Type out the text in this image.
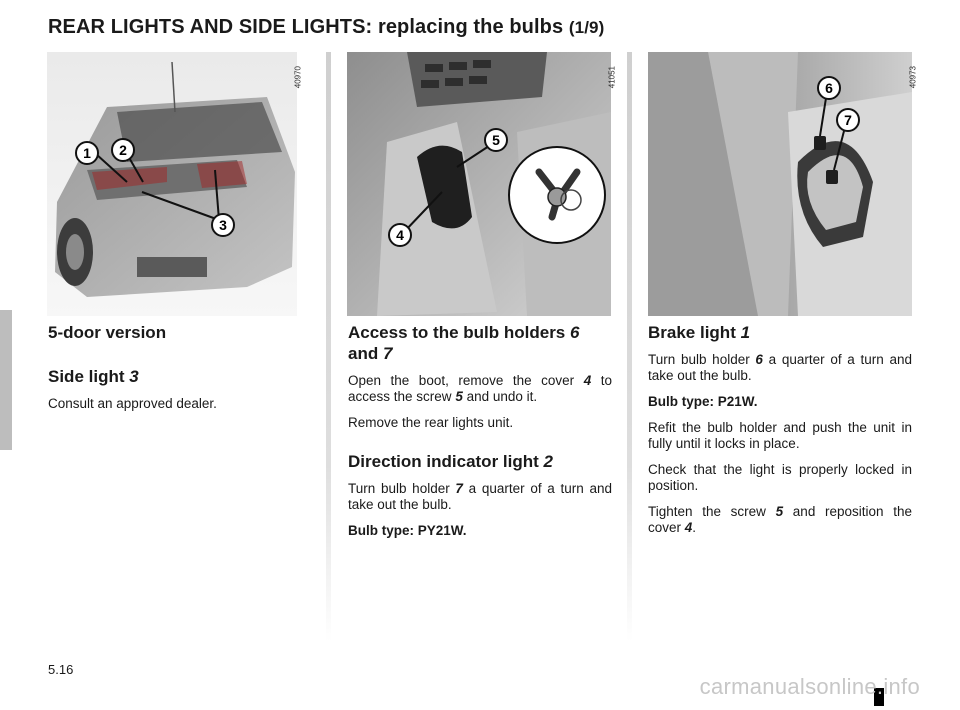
REAR LIGHTS AND SIDE LIGHTS: replacing the bulbs (1/9)
40970
1 2
3
41051
5
4
40973
6
7
5-door version
Side light 3

Consult an approved dealer.

Access to the bulb holders 6
and 7

Open the boot, remove the cover 4 to access the screw 5 and undo it.

Remove the rear lights unit.

Direction indicator light 2

Turn bulb holder 7 a quarter of a turn and take out the bulb.

Bulb type: PY21W.

Brake light 1

Turn bulb holder 6 a quarter of a turn and take out the bulb.

Bulb type: P21W.

Refit the bulb holder and push the unit in fully until it locks in place.

Check that the light is properly locked in position.

Tighten the screw 5 and reposition the cover 4.

5.16
carmanualsonline.info
